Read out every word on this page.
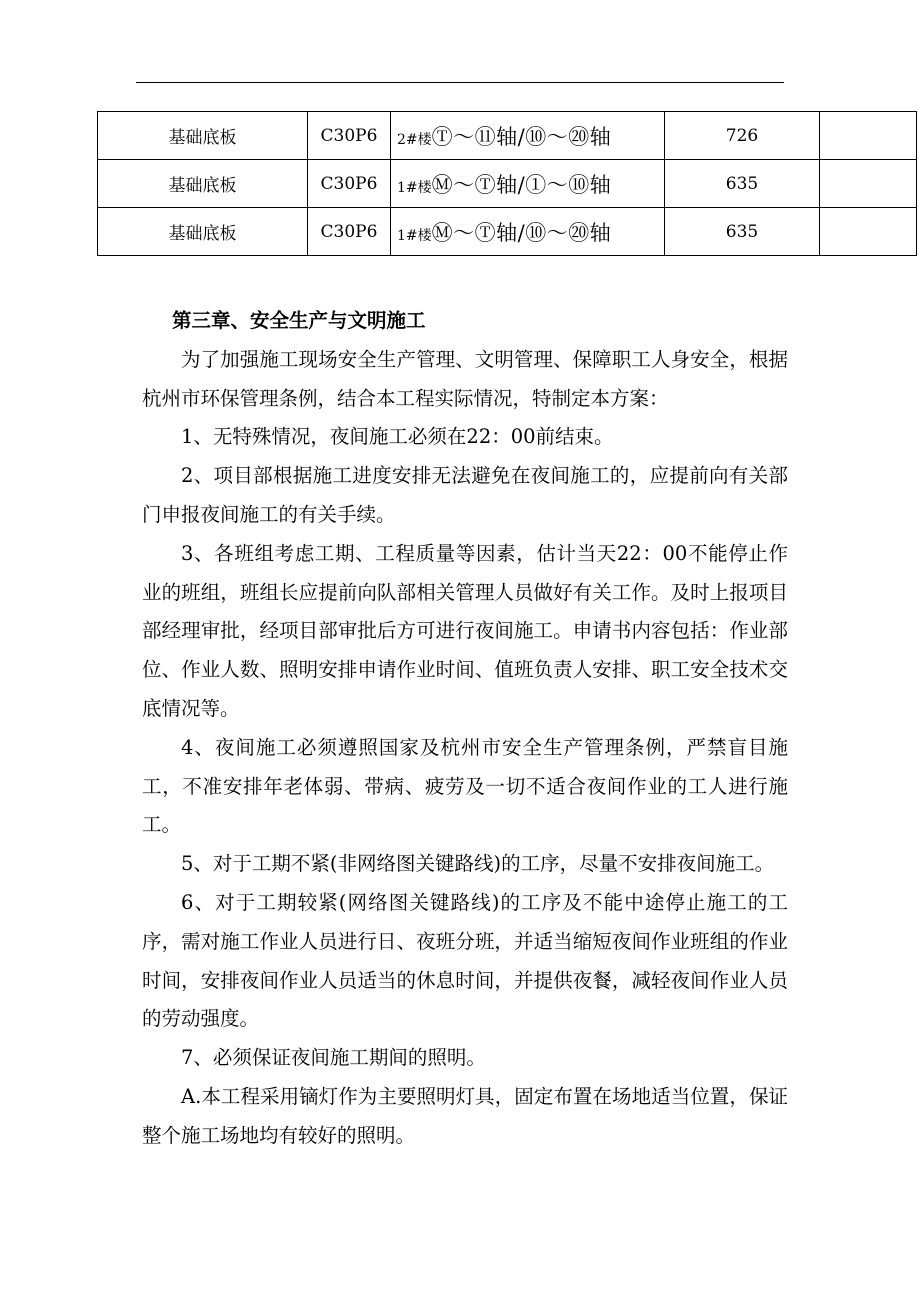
基础底板	C30P6	2#楼Ⓣ～⑪轴/⑩～⑳轴	726	
基础底板	C30P6	1#楼Ⓜ～Ⓣ轴/①～⑩轴	635	
基础底板	C30P6	1#楼Ⓜ～Ⓣ轴/⑩～⑳轴	635	
第三章、安全生产与文明施工

为了加强施工现场安全生产管理、文明管理、保障职工人身安全，根据杭州市环保管理条例，结合本工程实际情况，特制定本方案：

1、无特殊情况，夜间施工必须在22：00前结束。

2、项目部根据施工进度安排无法避免在夜间施工的，应提前向有关部门申报夜间施工的有关手续。

3、各班组考虑工期、工程质量等因素，估计当天22：00不能停止作业的班组，班组长应提前向队部相关管理人员做好有关工作。及时上报项目部经理审批，经项目部审批后方可进行夜间施工。申请书内容包括：作业部位、作业人数、照明安排申请作业时间、值班负责人安排、职工安全技术交底情况等。

4、夜间施工必须遵照国家及杭州市安全生产管理条例，严禁盲目施工，不准安排年老体弱、带病、疲劳及一切不适合夜间作业的工人进行施工。

5、对于工期不紧(非网络图关键路线)的工序，尽量不安排夜间施工。

6、对于工期较紧(网络图关键路线)的工序及不能中途停止施工的工序，需对施工作业人员进行日、夜班分班，并适当缩短夜间作业班组的作业时间，安排夜间作业人员适当的休息时间，并提供夜餐，减轻夜间作业人员的劳动强度。

7、必须保证夜间施工期间的照明。

A.本工程采用镝灯作为主要照明灯具，固定布置在场地适当位置，保证整个施工场地均有较好的照明。
